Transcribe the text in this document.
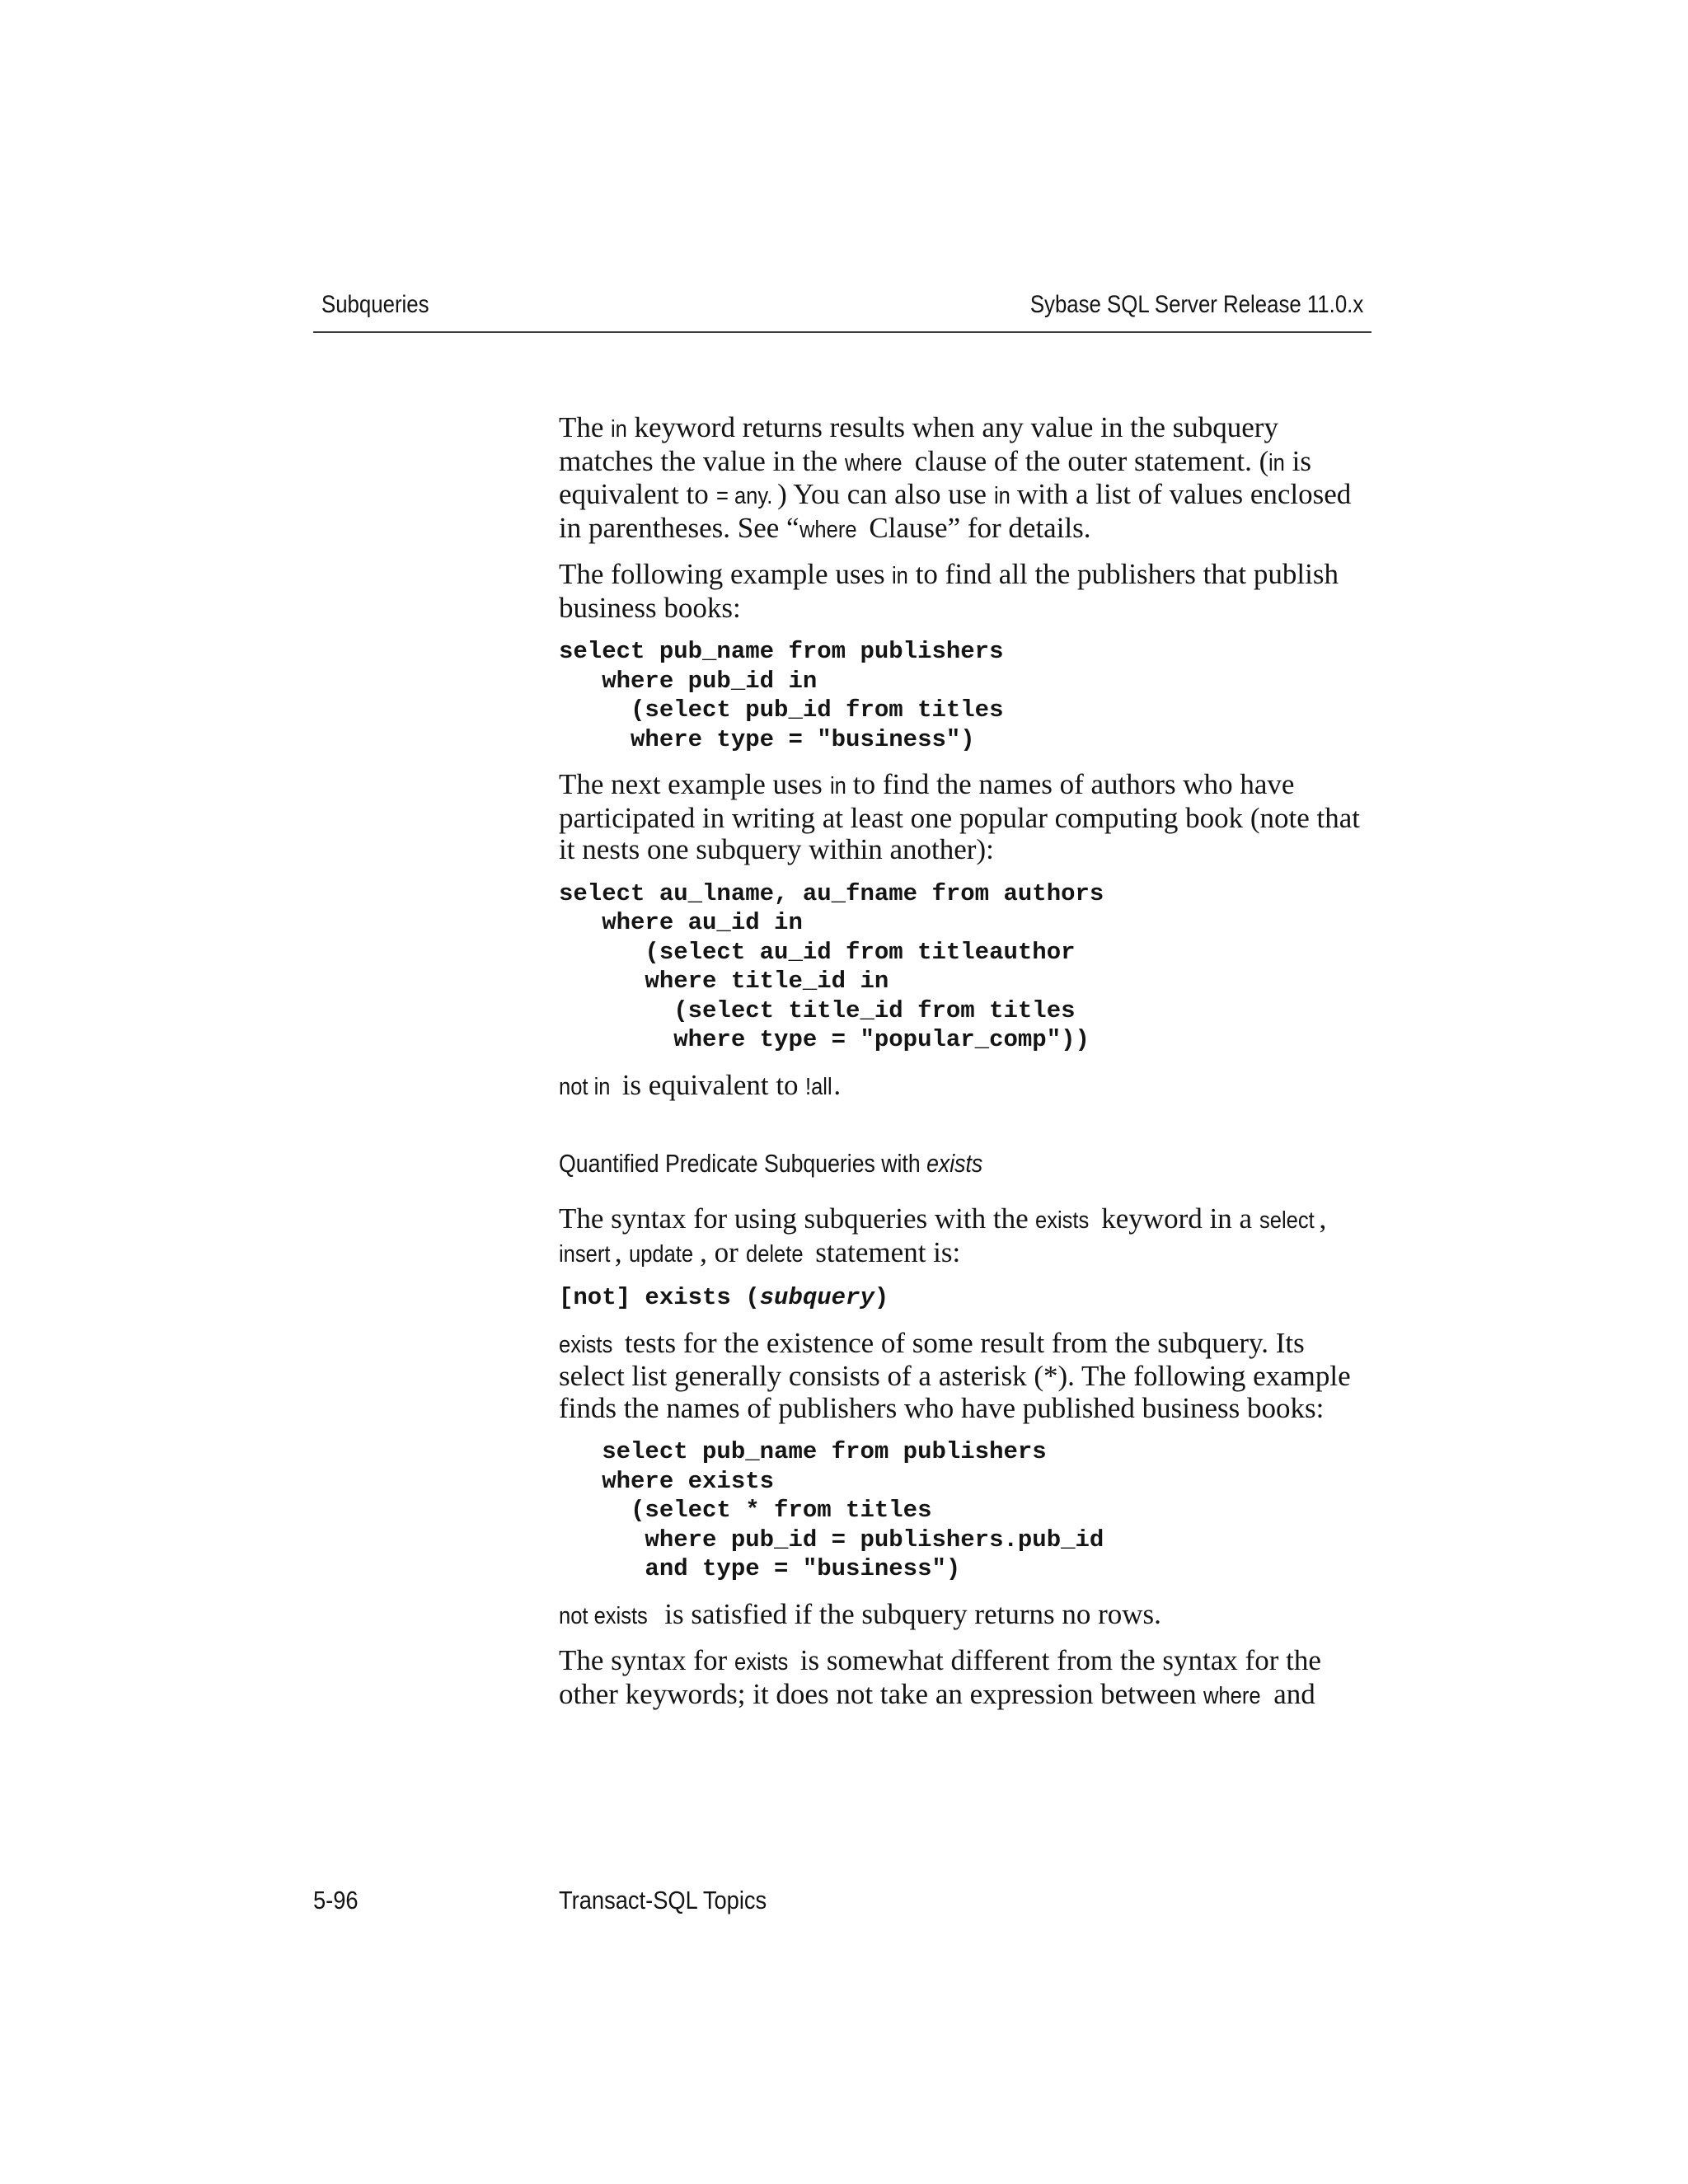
Subqueries	Sybase SQL Server Release 11.0.x

The in keyword returns results when any value in the subquery matches the value in the where clause of the outer statement. (in is equivalent to = any. ) You can also use in with a list of values enclosed in parentheses. See “where Clause” for details.

The following example uses in to find all the publishers that publish business books:

select pub_name from publishers
where pub_id in
(select pub_id from titles
where type = "business")

The next example uses in to find the names of authors who have participated in writing at least one popular computing book (note that it nests one subquery within another):

select au_lname, au_fname from authors
where au_id in
(select au_id from titleauthor
where title_id in
(select title_id from titles
where type = "popular_comp"))

not in is equivalent to !all.

Quantified Predicate Subqueries with exists

The syntax for using subqueries with the exists keyword in a select , insert , update , or delete statement is:

[not] exists (subquery)

exists tests for the existence of some result from the subquery. Its select list generally consists of a asterisk (*). The following example finds the names of publishers who have published business books:

select pub_name from publishers
where exists
(select * from titles
where pub_id = publishers.pub_id
and type = "business")

not exists is satisfied if the subquery returns no rows.

The syntax for exists is somewhat different from the syntax for the other keywords; it does not take an expression between where and

5-96	Transact-SQL Topics
